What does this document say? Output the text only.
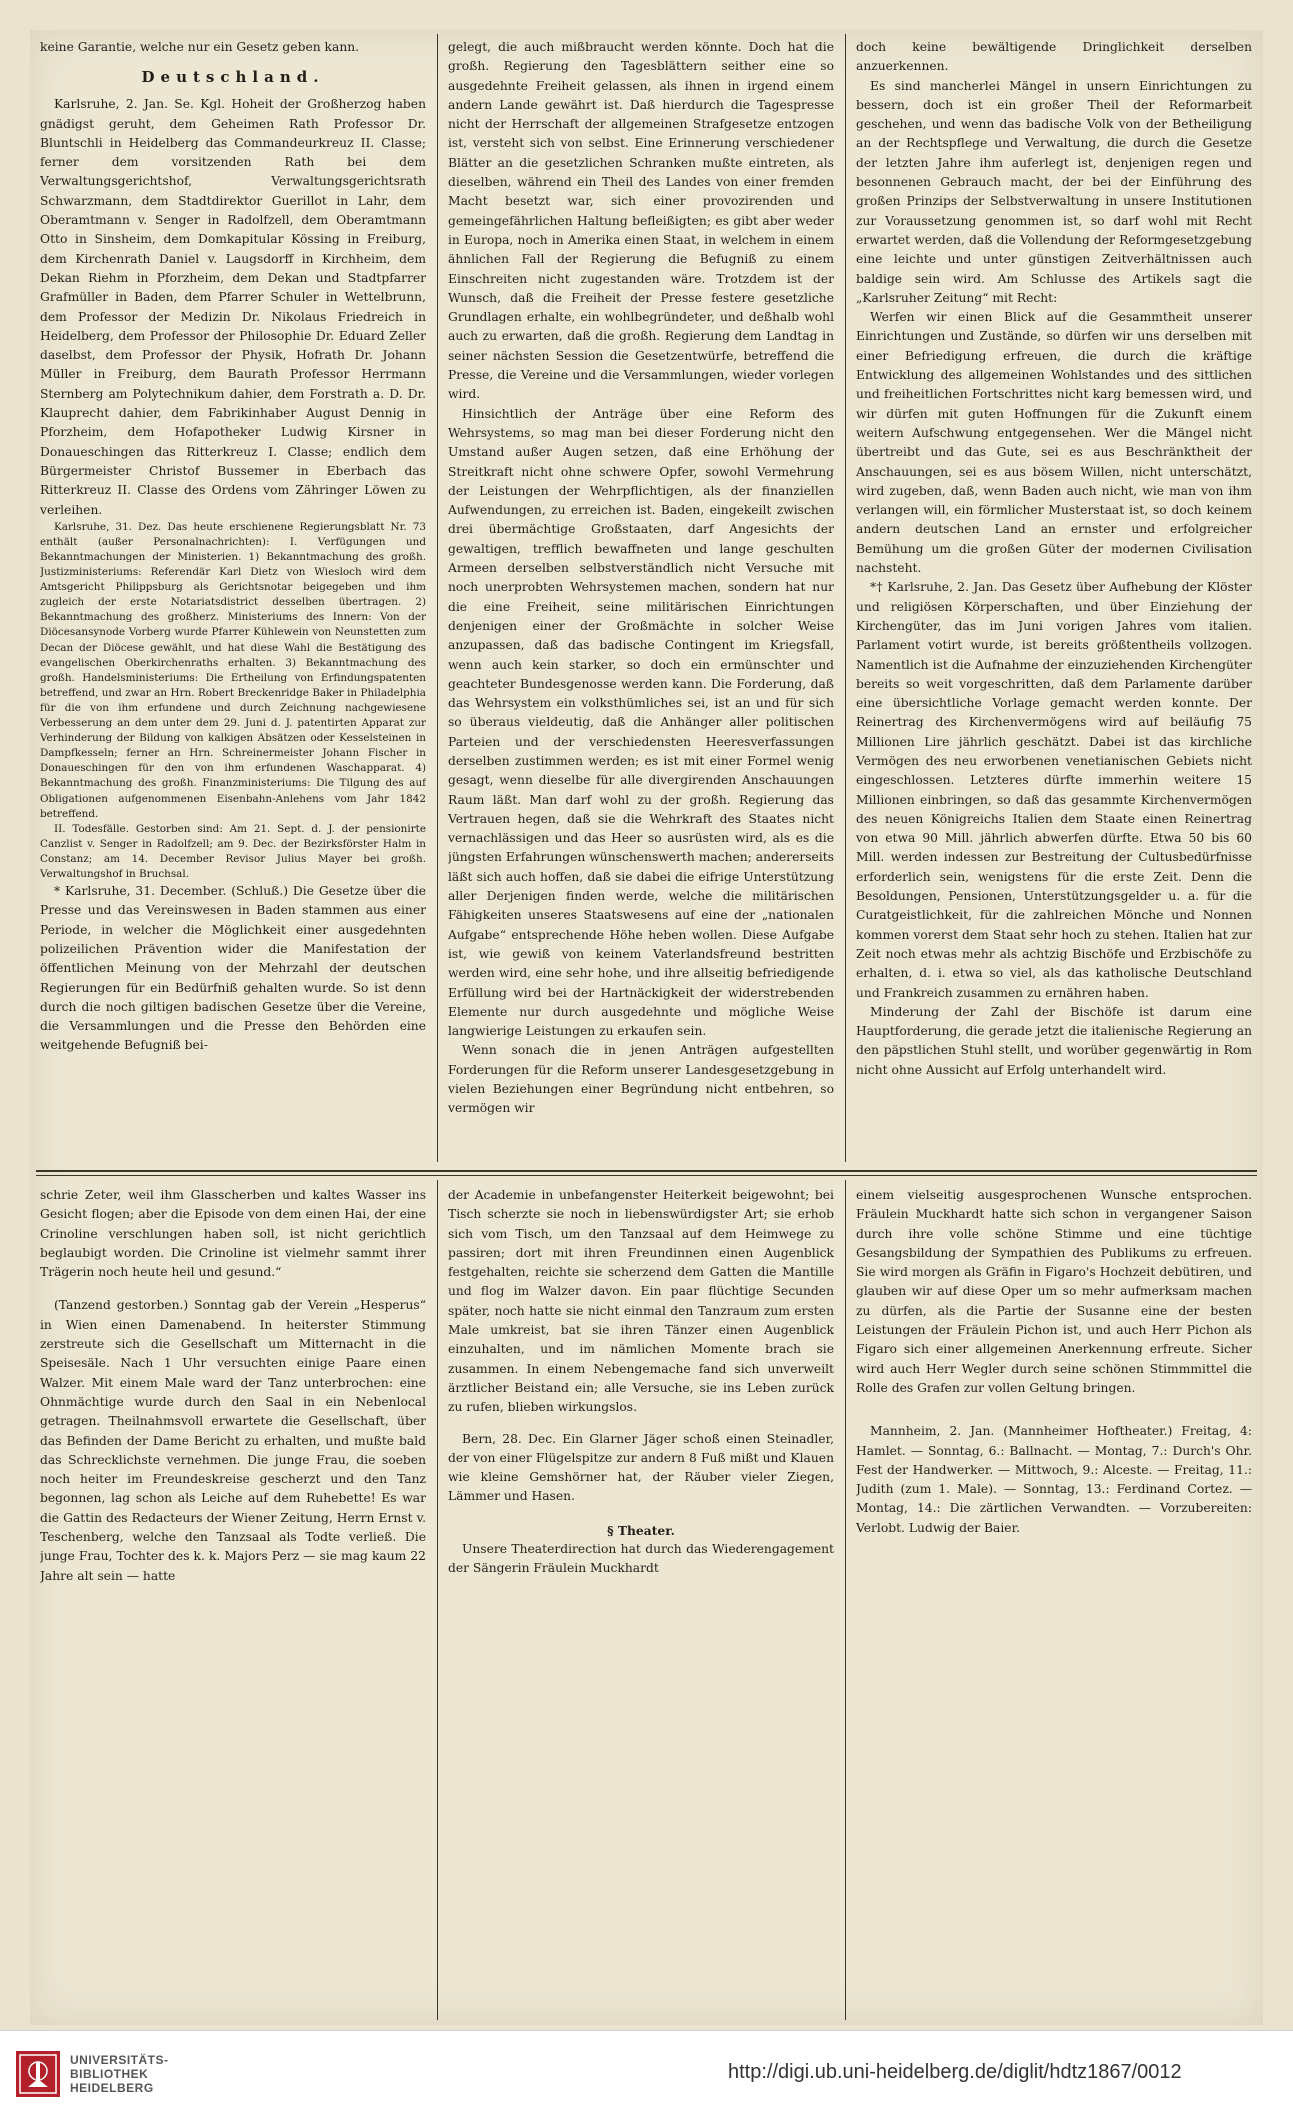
keine Garantie, welche nur ein Gesetz geben kann.

Deutschland.

Karlsruhe, 2. Jan. Se. Kgl. Hoheit der Großherzog haben gnädigst geruht, dem Geheimen Rath Professor Dr. Bluntschli in Heidelberg das Commandeurkreuz II. Classe; ferner dem vorsitzenden Rath bei dem Verwaltungsgerichtshof, Verwaltungsgerichtsrath Schwarzmann, dem Stadtdirektor Guerillot in Lahr, dem Oberamtmann v. Senger in Radolfzell, dem Oberamtmann Otto in Sinsheim, dem Domkapitular Kössing in Freiburg, dem Kirchenrath Daniel v. Laugsdorff in Kirchheim, dem Dekan Riehm in Pforzheim, dem Dekan und Stadtpfarrer Grafmüller in Baden, dem Pfarrer Schuler in Wettelbrunn, dem Professor der Medizin Dr. Nikolaus Friedreich in Heidelberg, dem Professor der Philosophie Dr. Eduard Zeller daselbst, dem Professor der Physik, Hofrath Dr. Johann Müller in Freiburg, dem Baurath Professor Herrmann Sternberg am Polytechnikum dahier, dem Forstrath a. D. Dr. Klauprecht dahier, dem Fabrikinhaber August Dennig in Pforzheim, dem Hofapotheker Ludwig Kirsner in Donaueschingen das Ritterkreuz I. Classe; endlich dem Bürgermeister Christof Bussemer in Eberbach das Ritterkreuz II. Classe des Ordens vom Zähringer Löwen zu verleihen.

Karlsruhe, 31. Dez. Das heute erschienene Regierungsblatt Nr. 73 enthält (außer Personalnachrichten): I. Verfügungen und Bekanntmachungen der Ministerien. 1) Bekanntmachung des großh. Justizministeriums: Referendär Karl Dietz von Wiesloch wird dem Amtsgericht Philippsburg als Gerichtsnotar beigegeben und ihm zugleich der erste Notariatsdistrict desselben übertragen. 2) Bekanntmachung des großherz. Ministeriums des Innern: Von der Diöcesansynode Vorberg wurde Pfarrer Kühlewein von Neunstetten zum Decan der Diöcese gewählt, und hat diese Wahl die Bestätigung des evangelischen Oberkirchenraths erhalten. 3) Bekanntmachung des großh. Handelsministeriums: Die Ertheilung von Erfindungspatenten betreffend, und zwar an Hrn. Robert Breckenridge Baker in Philadelphia für die von ihm erfundene und durch Zeichnung nachgewiesene Verbesserung an dem unter dem 29. Juni d. J. patentirten Apparat zur Verhinderung der Bildung von kalkigen Absätzen oder Kesselsteinen in Dampfkesseln; ferner an Hrn. Schreinermeister Johann Fischer in Donaueschingen für den von ihm erfundenen Waschapparat. 4) Bekanntmachung des großh. Finanzministeriums: Die Tilgung des auf Obligationen aufgenommenen Eisenbahn-Anlehens vom Jahr 1842 betreffend.

II. Todesfälle. Gestorben sind: Am 21. Sept. d. J. der pensionirte Canzlist v. Senger in Radolfzell; am 9. Dec. der Bezirksförster Halm in Constanz; am 14. December Revisor Julius Mayer bei großh. Verwaltungshof in Bruchsal.

* Karlsruhe, 31. December. (Schluß.) Die Gesetze über die Presse und das Vereinswesen in Baden stammen aus einer Periode, in welcher die Möglichkeit einer ausgedehnten polizeilichen Prävention wider die Manifestation der öffentlichen Meinung von der Mehrzahl der deutschen Regierungen für ein Bedürfniß gehalten wurde. So ist denn durch die noch giltigen badischen Gesetze über die Vereine, die Versammlungen und die Presse den Behörden eine weitgehende Befugniß bei-

gelegt, die auch mißbraucht werden könnte. Doch hat die großh. Regierung den Tagesblättern seither eine so ausgedehnte Freiheit gelassen, als ihnen in irgend einem andern Lande gewährt ist. Daß hierdurch die Tagespresse nicht der Herrschaft der allgemeinen Strafgesetze entzogen ist, versteht sich von selbst. Eine Erinnerung verschiedener Blätter an die gesetzlichen Schranken mußte eintreten, als dieselben, während ein Theil des Landes von einer fremden Macht besetzt war, sich einer provozirenden und gemeingefährlichen Haltung befleißigten; es gibt aber weder in Europa, noch in Amerika einen Staat, in welchem in einem ähnlichen Fall der Regierung die Befugniß zu einem Einschreiten nicht zugestanden wäre. Trotzdem ist der Wunsch, daß die Freiheit der Presse festere gesetzliche Grundlagen erhalte, ein wohlbegründeter, und deßhalb wohl auch zu erwarten, daß die großh. Regierung dem Landtag in seiner nächsten Session die Gesetzentwürfe, betreffend die Presse, die Vereine und die Versammlungen, wieder vorlegen wird.

Hinsichtlich der Anträge über eine Reform des Wehrsystems, so mag man bei dieser Forderung nicht den Umstand außer Augen setzen, daß eine Erhöhung der Streitkraft nicht ohne schwere Opfer, sowohl Vermehrung der Leistungen der Wehrpflichtigen, als der finanziellen Aufwendungen, zu erreichen ist. Baden, eingekeilt zwischen drei übermächtige Großstaaten, darf Angesichts der gewaltigen, trefflich bewaffneten und lange geschulten Armeen derselben selbstverständlich nicht Versuche mit noch unerprobten Wehrsystemen machen, sondern hat nur die eine Freiheit, seine militärischen Einrichtungen denjenigen einer der Großmächte in solcher Weise anzupassen, daß das badische Contingent im Kriegsfall, wenn auch kein starker, so doch ein ermünschter und geachteter Bundesgenosse werden kann. Die Forderung, daß das Wehrsystem ein volksthümliches sei, ist an und für sich so überaus vieldeutig, daß die Anhänger aller politischen Parteien und der verschiedensten Heeresverfassungen derselben zustimmen werden; es ist mit einer Formel wenig gesagt, wenn dieselbe für alle divergirenden Anschauungen Raum läßt. Man darf wohl zu der großh. Regierung das Vertrauen hegen, daß sie die Wehrkraft des Staates nicht vernachlässigen und das Heer so ausrüsten wird, als es die jüngsten Erfahrungen wünschenswerth machen; andererseits läßt sich auch hoffen, daß sie dabei die eifrige Unterstützung aller Derjenigen finden werde, welche die militärischen Fähigkeiten unseres Staatswesens auf eine der „nationalen Aufgabe“ entsprechende Höhe heben wollen. Diese Aufgabe ist, wie gewiß von keinem Vaterlandsfreund bestritten werden wird, eine sehr hohe, und ihre allseitig befriedigende Erfüllung wird bei der Hartnäckigkeit der widerstrebenden Elemente nur durch ausgedehnte und mögliche Weise langwierige Leistungen zu erkaufen sein.

Wenn sonach die in jenen Anträgen aufgestellten Forderungen für die Reform unserer Landesgesetzgebung in vielen Beziehungen einer Begründung nicht entbehren, so vermögen wir

doch keine bewältigende Dringlichkeit derselben anzuerkennen.

Es sind mancherlei Mängel in unsern Einrichtungen zu bessern, doch ist ein großer Theil der Reformarbeit geschehen, und wenn das badische Volk von der Betheiligung an der Rechtspflege und Verwaltung, die durch die Gesetze der letzten Jahre ihm auferlegt ist, denjenigen regen und besonnenen Gebrauch macht, der bei der Einführung des großen Prinzips der Selbstverwaltung in unsere Institutionen zur Voraussetzung genommen ist, so darf wohl mit Recht erwartet werden, daß die Vollendung der Reformgesetzgebung eine leichte und unter günstigen Zeitverhältnissen auch baldige sein wird. Am Schlusse des Artikels sagt die „Karlsruher Zeitung“ mit Recht:

Werfen wir einen Blick auf die Gesammtheit unserer Einrichtungen und Zustände, so dürfen wir uns derselben mit einer Befriedigung erfreuen, die durch die kräftige Entwicklung des allgemeinen Wohlstandes und des sittlichen und freiheitlichen Fortschrittes nicht karg bemessen wird, und wir dürfen mit guten Hoffnungen für die Zukunft einem weitern Aufschwung entgegensehen. Wer die Mängel nicht übertreibt und das Gute, sei es aus Beschränktheit der Anschauungen, sei es aus bösem Willen, nicht unterschätzt, wird zugeben, daß, wenn Baden auch nicht, wie man von ihm verlangen will, ein förmlicher Musterstaat ist, so doch keinem andern deutschen Land an ernster und erfolgreicher Bemühung um die großen Güter der modernen Civilisation nachsteht.

*† Karlsruhe, 2. Jan. Das Gesetz über Aufhebung der Klöster und religiösen Körperschaften, und über Einziehung der Kirchengüter, das im Juni vorigen Jahres vom italien. Parlament votirt wurde, ist bereits größtentheils vollzogen. Namentlich ist die Aufnahme der einzuziehenden Kirchengüter bereits so weit vorgeschritten, daß dem Parlamente darüber eine übersichtliche Vorlage gemacht werden konnte. Der Reinertrag des Kirchenvermögens wird auf beiläufig 75 Millionen Lire jährlich geschätzt. Dabei ist das kirchliche Vermögen des neu erworbenen venetianischen Gebiets nicht eingeschlossen. Letzteres dürfte immerhin weitere 15 Millionen einbringen, so daß das gesammte Kirchenvermögen des neuen Königreichs Italien dem Staate einen Reinertrag von etwa 90 Mill. jährlich abwerfen dürfte. Etwa 50 bis 60 Mill. werden indessen zur Bestreitung der Cultusbedürfnisse erforderlich sein, wenigstens für die erste Zeit. Denn die Besoldungen, Pensionen, Unterstützungsgelder u. a. für die Curatgeistlichkeit, für die zahlreichen Mönche und Nonnen kommen vorerst dem Staat sehr hoch zu stehen. Italien hat zur Zeit noch etwas mehr als achtzig Bischöfe und Erzbischöfe zu erhalten, d. i. etwa so viel, als das katholische Deutschland und Frankreich zusammen zu ernähren haben.

Minderung der Zahl der Bischöfe ist darum eine Hauptforderung, die gerade jetzt die italienische Regierung an den päpstlichen Stuhl stellt, und worüber gegenwärtig in Rom nicht ohne Aussicht auf Erfolg unterhandelt wird.

schrie Zeter, weil ihm Glasscherben und kaltes Wasser ins Gesicht flogen; aber die Episode von dem einen Hai, der eine Crinoline verschlungen haben soll, ist nicht gerichtlich beglaubigt worden. Die Crinoline ist vielmehr sammt ihrer Trägerin noch heute heil und gesund.“

(Tanzend gestorben.) Sonntag gab der Verein „Hesperus“ in Wien einen Damenabend. In heiterster Stimmung zerstreute sich die Gesellschaft um Mitternacht in die Speisesäle. Nach 1 Uhr versuchten einige Paare einen Walzer. Mit einem Male ward der Tanz unterbrochen: eine Ohnmächtige wurde durch den Saal in ein Nebenlocal getragen. Theilnahmsvoll erwartete die Gesellschaft, über das Befinden der Dame Bericht zu erhalten, und mußte bald das Schrecklichste vernehmen. Die junge Frau, die soeben noch heiter im Freundeskreise gescherzt und den Tanz begonnen, lag schon als Leiche auf dem Ruhebette! Es war die Gattin des Redacteurs der Wiener Zeitung, Herrn Ernst v. Teschenberg, welche den Tanzsaal als Todte verließ. Die junge Frau, Tochter des k. k. Majors Perz — sie mag kaum 22 Jahre alt sein — hatte

der Academie in unbefangenster Heiterkeit beigewohnt; bei Tisch scherzte sie noch in liebenswürdigster Art; sie erhob sich vom Tisch, um den Tanzsaal auf dem Heimwege zu passiren; dort mit ihren Freundinnen einen Augenblick festgehalten, reichte sie scherzend dem Gatten die Mantille und flog im Walzer davon. Ein paar flüchtige Secunden später, noch hatte sie nicht einmal den Tanzraum zum ersten Male umkreist, bat sie ihren Tänzer einen Augenblick einzuhalten, und im nämlichen Momente brach sie zusammen. In einem Nebengemache fand sich unverweilt ärztlicher Beistand ein; alle Versuche, sie ins Leben zurück zu rufen, blieben wirkungslos.

Bern, 28. Dec. Ein Glarner Jäger schoß einen Steinadler, der von einer Flügelspitze zur andern 8 Fuß mißt und Klauen wie kleine Gemshörner hat, der Räuber vieler Ziegen, Lämmer und Hasen.

§ Theater.

Unsere Theaterdirection hat durch das Wiederengagement der Sängerin Fräulein Muckhardt

einem vielseitig ausgesprochenen Wunsche entsprochen. Fräulein Muckhardt hatte sich schon in vergangener Saison durch ihre volle schöne Stimme und eine tüchtige Gesangsbildung der Sympathien des Publikums zu erfreuen. Sie wird morgen als Gräfin in Figaro's Hochzeit debütiren, und glauben wir auf diese Oper um so mehr aufmerksam machen zu dürfen, als die Partie der Susanne eine der besten Leistungen der Fräulein Pichon ist, und auch Herr Pichon als Figaro sich einer allgemeinen Anerkennung erfreute. Sicher wird auch Herr Wegler durch seine schönen Stimmmittel die Rolle des Grafen zur vollen Geltung bringen.

Mannheim, 2. Jan. (Mannheimer Hoftheater.) Freitag, 4: Hamlet. — Sonntag, 6.: Ballnacht. — Montag, 7.: Durch's Ohr. Fest der Handwerker. — Mittwoch, 9.: Alceste. — Freitag, 11.: Judith (zum 1. Male). — Sonntag, 13.: Ferdinand Cortez. — Montag, 14.: Die zärtlichen Verwandten. — Vorzubereiten: Verlobt. Ludwig der Baier.

UNIVERSITÄTS-
BIBLIOTHEK
HEIDELBERG
http://digi.ub.uni-heidelberg.de/diglit/hdtz1867/0012
